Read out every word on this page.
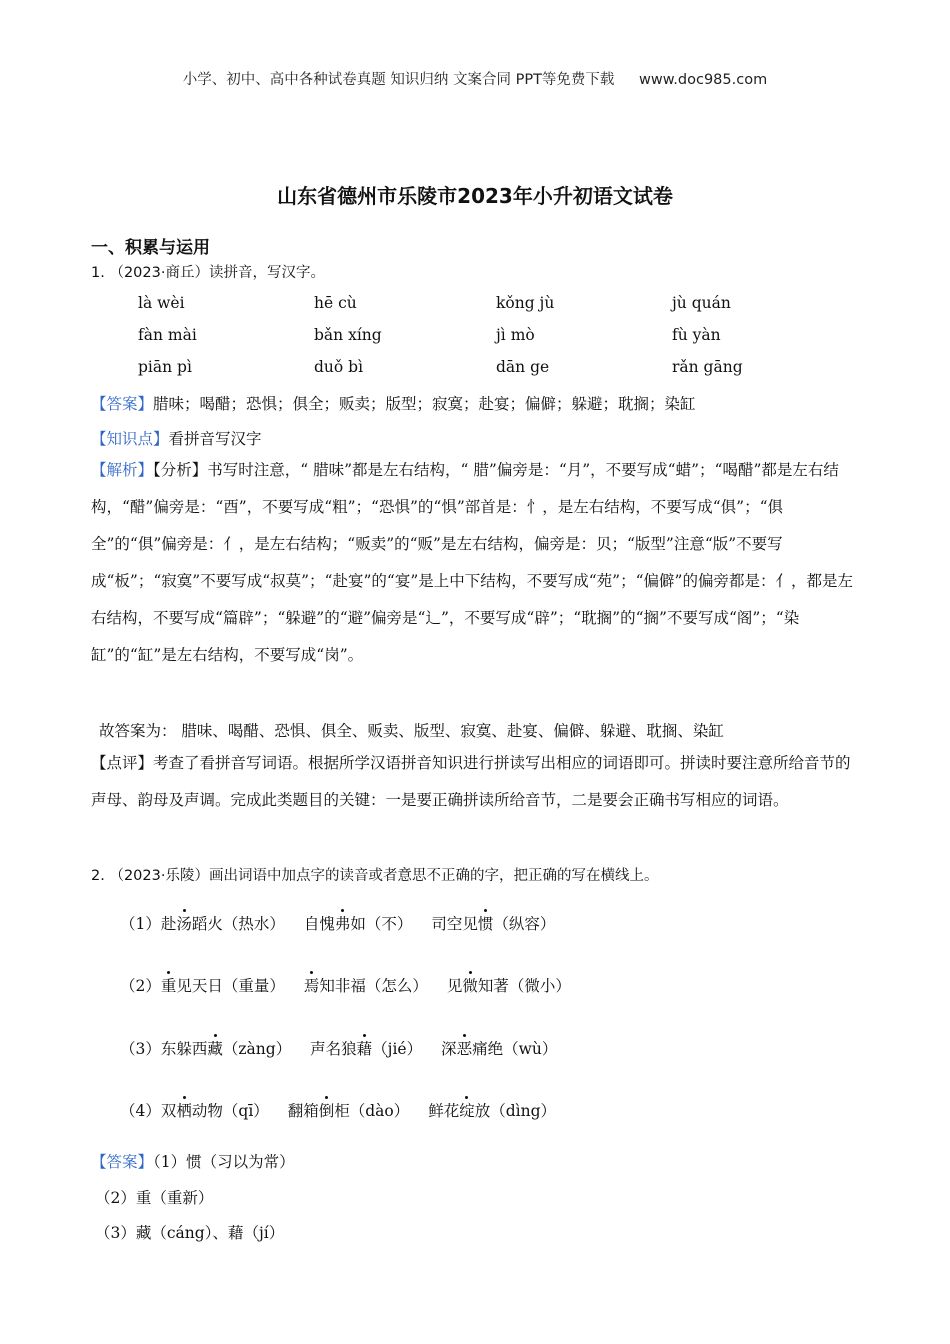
小学、初中、高中各种试卷真题 知识归纳 文案合同 PPT等免费下载 www.doc985.com
山东省德州市乐陵市2023年小升初语文试卷
一、积累与运用
1. （2023·商丘）读拼音，写汉字。
là wèi	hē cù	kǒng jù	jù quán
fàn mài	bǎn xíng	jì mò	fù yàn
piān pì	duǒ bì	dān ge	rǎn gāng
【答案】腊味；喝醋；恐惧；俱全；贩卖；版型；寂寞；赴宴；偏僻；躲避；耽搁；染缸
【知识点】看拼音写汉字
【解析】【分析】书写时注意，“ 腊味”都是左右结构，“ 腊”偏旁是：“月”，不要写成“蜡”；“喝醋”都是左右结构，“醋”偏旁是：“酉”，不要写成“粗”；“恐惧”的“惧”部首是：忄，是左右结构，不要写成“俱”；“俱全”的“俱”偏旁是：亻，是左右结构；“贩卖”的“贩”是左右结构，偏旁是：贝；“版型”注意“版”不要写成“板”；“寂寞”不要写成“叔莫”；“赴宴”的“宴”是上中下结构，不要写成“苑”；“偏僻”的偏旁都是：亻，都是左右结构，不要写成“篇辟”；“躲避”的“避”偏旁是“辶”，不要写成“辟”；“耽搁”的“搁”不要写成“阁”；“染缸”的“缸”是左右结构，不要写成“岗”。
故答案为： 腊味、喝醋、恐惧、俱全、贩卖、版型、寂寞、赴宴、偏僻、躲避、耽搁、染缸
【点评】考查了看拼音写词语。根据所学汉语拼音知识进行拼读写出相应的词语即可。拼读时要注意所给音节的声母、韵母及声调。完成此类题目的关键：一是要正确拼读所给音节，二是要会正确书写相应的词语。
2. （2023·乐陵）画出词语中加点字的读音或者意思不正确的字，把正确的写在横线上。
（1）赴汤蹈火（热水） 自愧弗如（不） 司空见惯（纵容）
（2）重见天日（重量） 焉知非福（怎么） 见微知著（微小）
（3）东躲西藏（zàng） 声名狼藉（jié） 深恶痛绝（wù）
（4）双栖动物（qī） 翻箱倒柜（dào） 鲜花绽放（dìng）
【答案】（1）惯（习以为常）
（2）重（重新）
（3）藏（cáng）、藉（jí）
